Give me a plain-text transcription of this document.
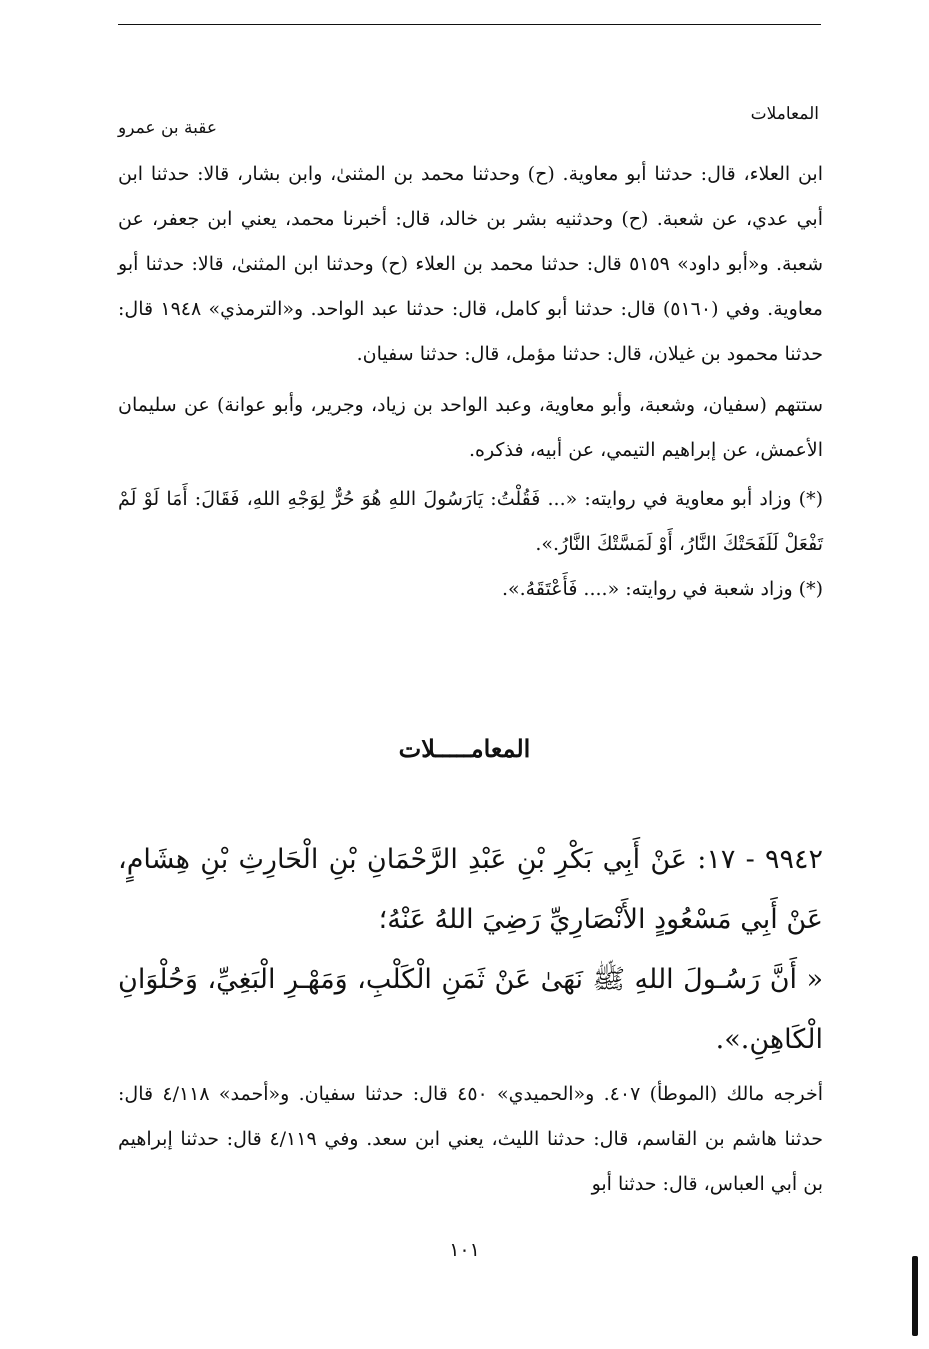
المعاملات
عقبة بن عمرو

ابن العلاء، قال: حدثنا أبو معاوية. (ح) وحدثنا محمد بن المثنىٰ، وابن بشار، قالا: حدثنا ابن أبي عدي، عن شعبة. (ح) وحدثنيه بشر بن خالد، قال: أخبرنا محمد، يعني ابن جعفر، عن شعبة. و«أبو داود» ٥١٥٩ قال: حدثنا محمد بن العلاء (ح) وحدثنا ابن المثنىٰ، قالا: حدثنا أبو معاوية. وفي (٥١٦٠) قال: حدثنا أبو كامل، قال: حدثنا عبد الواحد. و«الترمذي» ١٩٤٨ قال: حدثنا محمود بن غيلان، قال: حدثنا مؤمل، قال: حدثنا سفيان.

ستتهم (سفيان، وشعبة، وأبو معاوية، وعبد الواحد بن زياد، وجرير، وأبو عوانة) عن سليمان الأعمش، عن إبراهيم التيمي، عن أبيه، فذكره.

(*) وزاد أبو معاوية في روايته: «... فَقُلْتُ: يَارَسُولَ اللهِ هُوَ حُرٌّ لِوَجْهِ اللهِ، فَقَالَ: أَمَا لَوْ لَمْ تَفْعَلْ لَلَفَحَتْكَ النَّارُ، أَوْ لَمَسَّتْكَ النَّارُ.».

(*) وزاد شعبة في روايته: «.... فَأَعْتَقَهُ.».

المعامـــــلات

٩٩٤٢ - ١٧: عَنْ أَبِي بَكْرِ بْنِ عَبْدِ الرَّحْمَانِ بْنِ الْحَارِثِ بْنِ هِشَامٍ، عَنْ أَبِي مَسْعُودٍ الأَنْصَارِيِّ رَضِيَ اللهُ عَنْهُ؛

« أَنَّ رَسُـولَ اللهِ ﷺ نَهَىٰ عَنْ ثَمَنِ الْكَلْبِ، وَمَهْـرِ الْبَغِيِّ، وَحُلْوَانِ الْكَاهِنِ.».

أخرجه مالك (الموطأ) ٤٠٧. و«الحميدي» ٤٥٠ قال: حدثنا سفيان. و«أحمد» ٤/١١٨ قال: حدثنا هاشم بن القاسم، قال: حدثنا الليث، يعني ابن سعد. وفي ٤/١١٩ قال: حدثنا إبراهيم بن أبي العباس، قال: حدثنا أبو

١٠١
